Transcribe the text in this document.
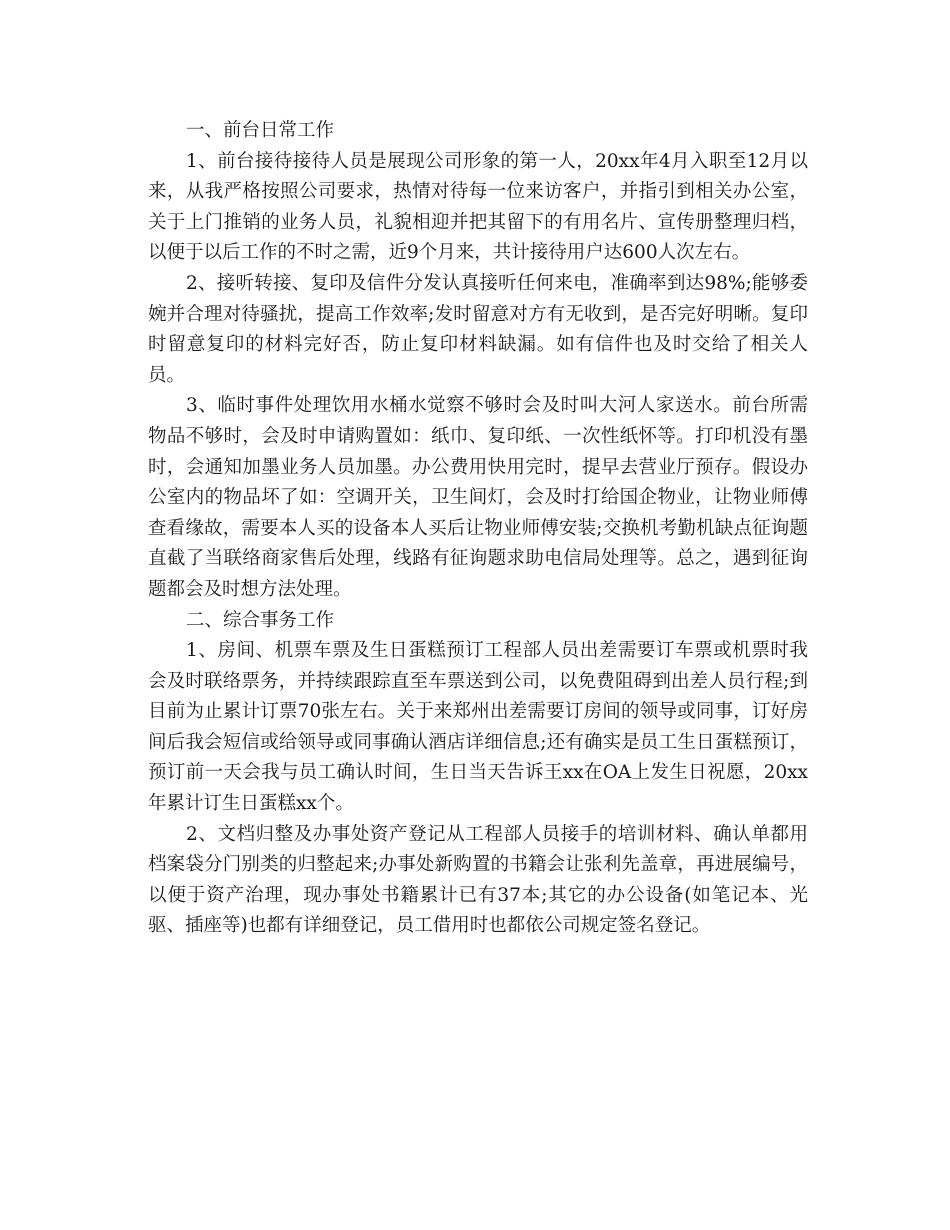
一、前台日常工作

1、前台接待接待人员是展现公司形象的第一人，20xx年4月入职至12月以来，从我严格按照公司要求，热情对待每一位来访客户，并指引到相关办公室，关于上门推销的业务人员，礼貌相迎并把其留下的有用名片、宣传册整理归档，以便于以后工作的不时之需，近9个月来，共计接待用户达600人次左右。

2、接听转接、复印及信件分发认真接听任何来电，准确率到达98%;能够委婉并合理对待骚扰，提高工作效率;发时留意对方有无收到，是否完好明晰。复印时留意复印的材料完好否，防止复印材料缺漏。如有信件也及时交给了相关人员。

3、临时事件处理饮用水桶水觉察不够时会及时叫大河人家送水。前台所需物品不够时，会及时申请购置如：纸巾、复印纸、一次性纸怀等。打印机没有墨时，会通知加墨业务人员加墨。办公费用快用完时，提早去营业厅预存。假设办公室内的物品坏了如：空调开关，卫生间灯，会及时打给国企物业，让物业师傅查看缘故，需要本人买的设备本人买后让物业师傅安装;交换机考勤机缺点征询题直截了当联络商家售后处理，线路有征询题求助电信局处理等。总之，遇到征询题都会及时想方法处理。

二、综合事务工作

1、房间、机票车票及生日蛋糕预订工程部人员出差需要订车票或机票时我会及时联络票务，并持续跟踪直至车票送到公司，以免费阻碍到出差人员行程;到目前为止累计订票70张左右。关于来郑州出差需要订房间的领导或同事，订好房间后我会短信或给领导或同事确认酒店详细信息;还有确实是员工生日蛋糕预订，预订前一天会我与员工确认时间，生日当天告诉王xx在OA上发生日祝愿，20xx年累计订生日蛋糕xx个。

2、文档归整及办事处资产登记从工程部人员接手的培训材料、确认单都用档案袋分门别类的归整起来;办事处新购置的书籍会让张利先盖章，再进展编号，以便于资产治理，现办事处书籍累计已有37本;其它的办公设备(如笔记本、光驱、插座等)也都有详细登记，员工借用时也都依公司规定签名登记。
